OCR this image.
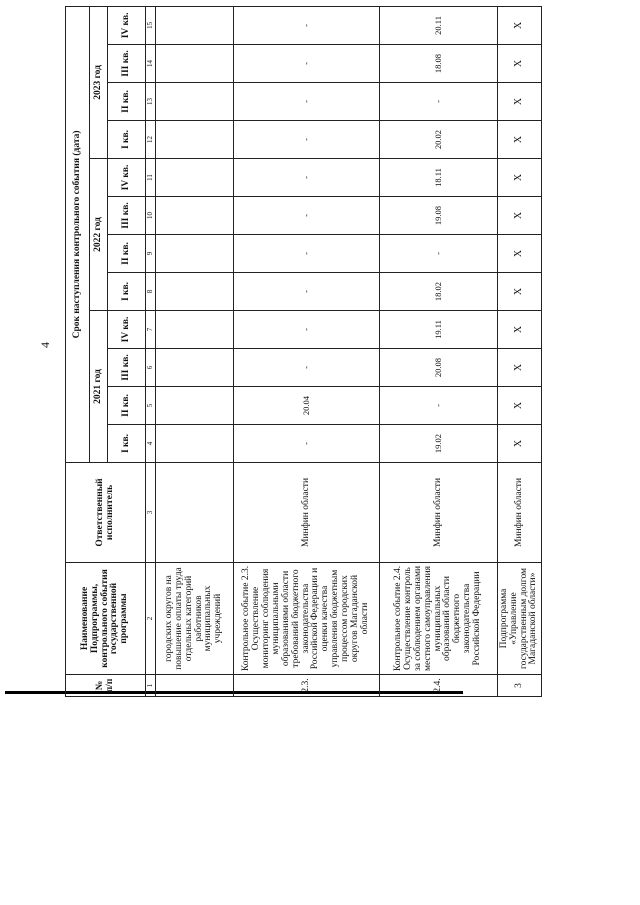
4
№ п/п	Наименование Подпрограммы, контрольного события государственной программы	Ответственный исполнитель	Срок наступления контрольного события (дата)											
			2021 год				2022 год				2023 год			
			I кв.	II кв.	III кв.	IV кв.	I кв.	II кв.	III кв.	IV кв.	I кв.	II кв.	III кв.	IV кв.
1	2	3	4	5	6	7	8	9	10	11	12	13	14	15
	городских округов на повышение оплаты труда отдельных категорий работников муниципальных учреждений													
2.3.	Контрольное событие 2.3. Осуществление мониторинг соблюдения муниципальными образованиями области требований бюджетного законодательства Российской Федерации и оценки качества управления бюджетным процессом городских округов Магаданской области	Минфин области	-	20.04	-	-	-	-	-	-	-	-	-	-
2.4.	Контрольное событие 2.4. Осуществление контроль за соблюдением органами местного самоуправления муниципальных образований области бюджетного законодательства Российской Федерации	Минфин области	19.02	-	20.08	19.11	18.02	-	19.08	18.11	20.02	-	18.08	20.11
3	Подпрограмма «Управление государственным долгом Магаданской области»	Минфин области	X	X	X	X	X	X	X	X	X	X	X	X
